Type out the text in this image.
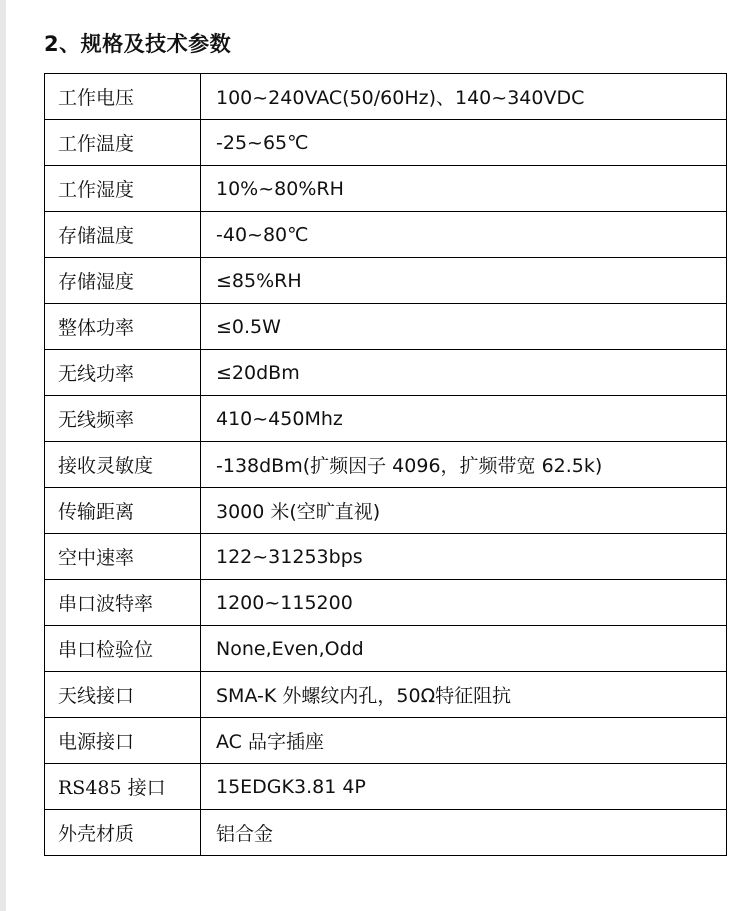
2、规格及技术参数
工作电压	100~240VAC(50/60Hz)、140~340VDC
工作温度	-25~65℃
工作湿度	10%~80%RH
存储温度	-40~80℃
存储湿度	≤85%RH
整体功率	≤0.5W
无线功率	≤20dBm
无线频率	410~450Mhz
接收灵敏度	-138dBm(扩频因子 4096，扩频带宽 62.5k)
传输距离	3000 米(空旷直视)
空中速率	122~31253bps
串口波特率	1200~115200
串口检验位	None,Even,Odd
天线接口	SMA-K 外螺纹内孔，50Ω特征阻抗
电源接口	AC 品字插座
RS485 接口	15EDGK3.81 4P
外壳材质	铝合金
